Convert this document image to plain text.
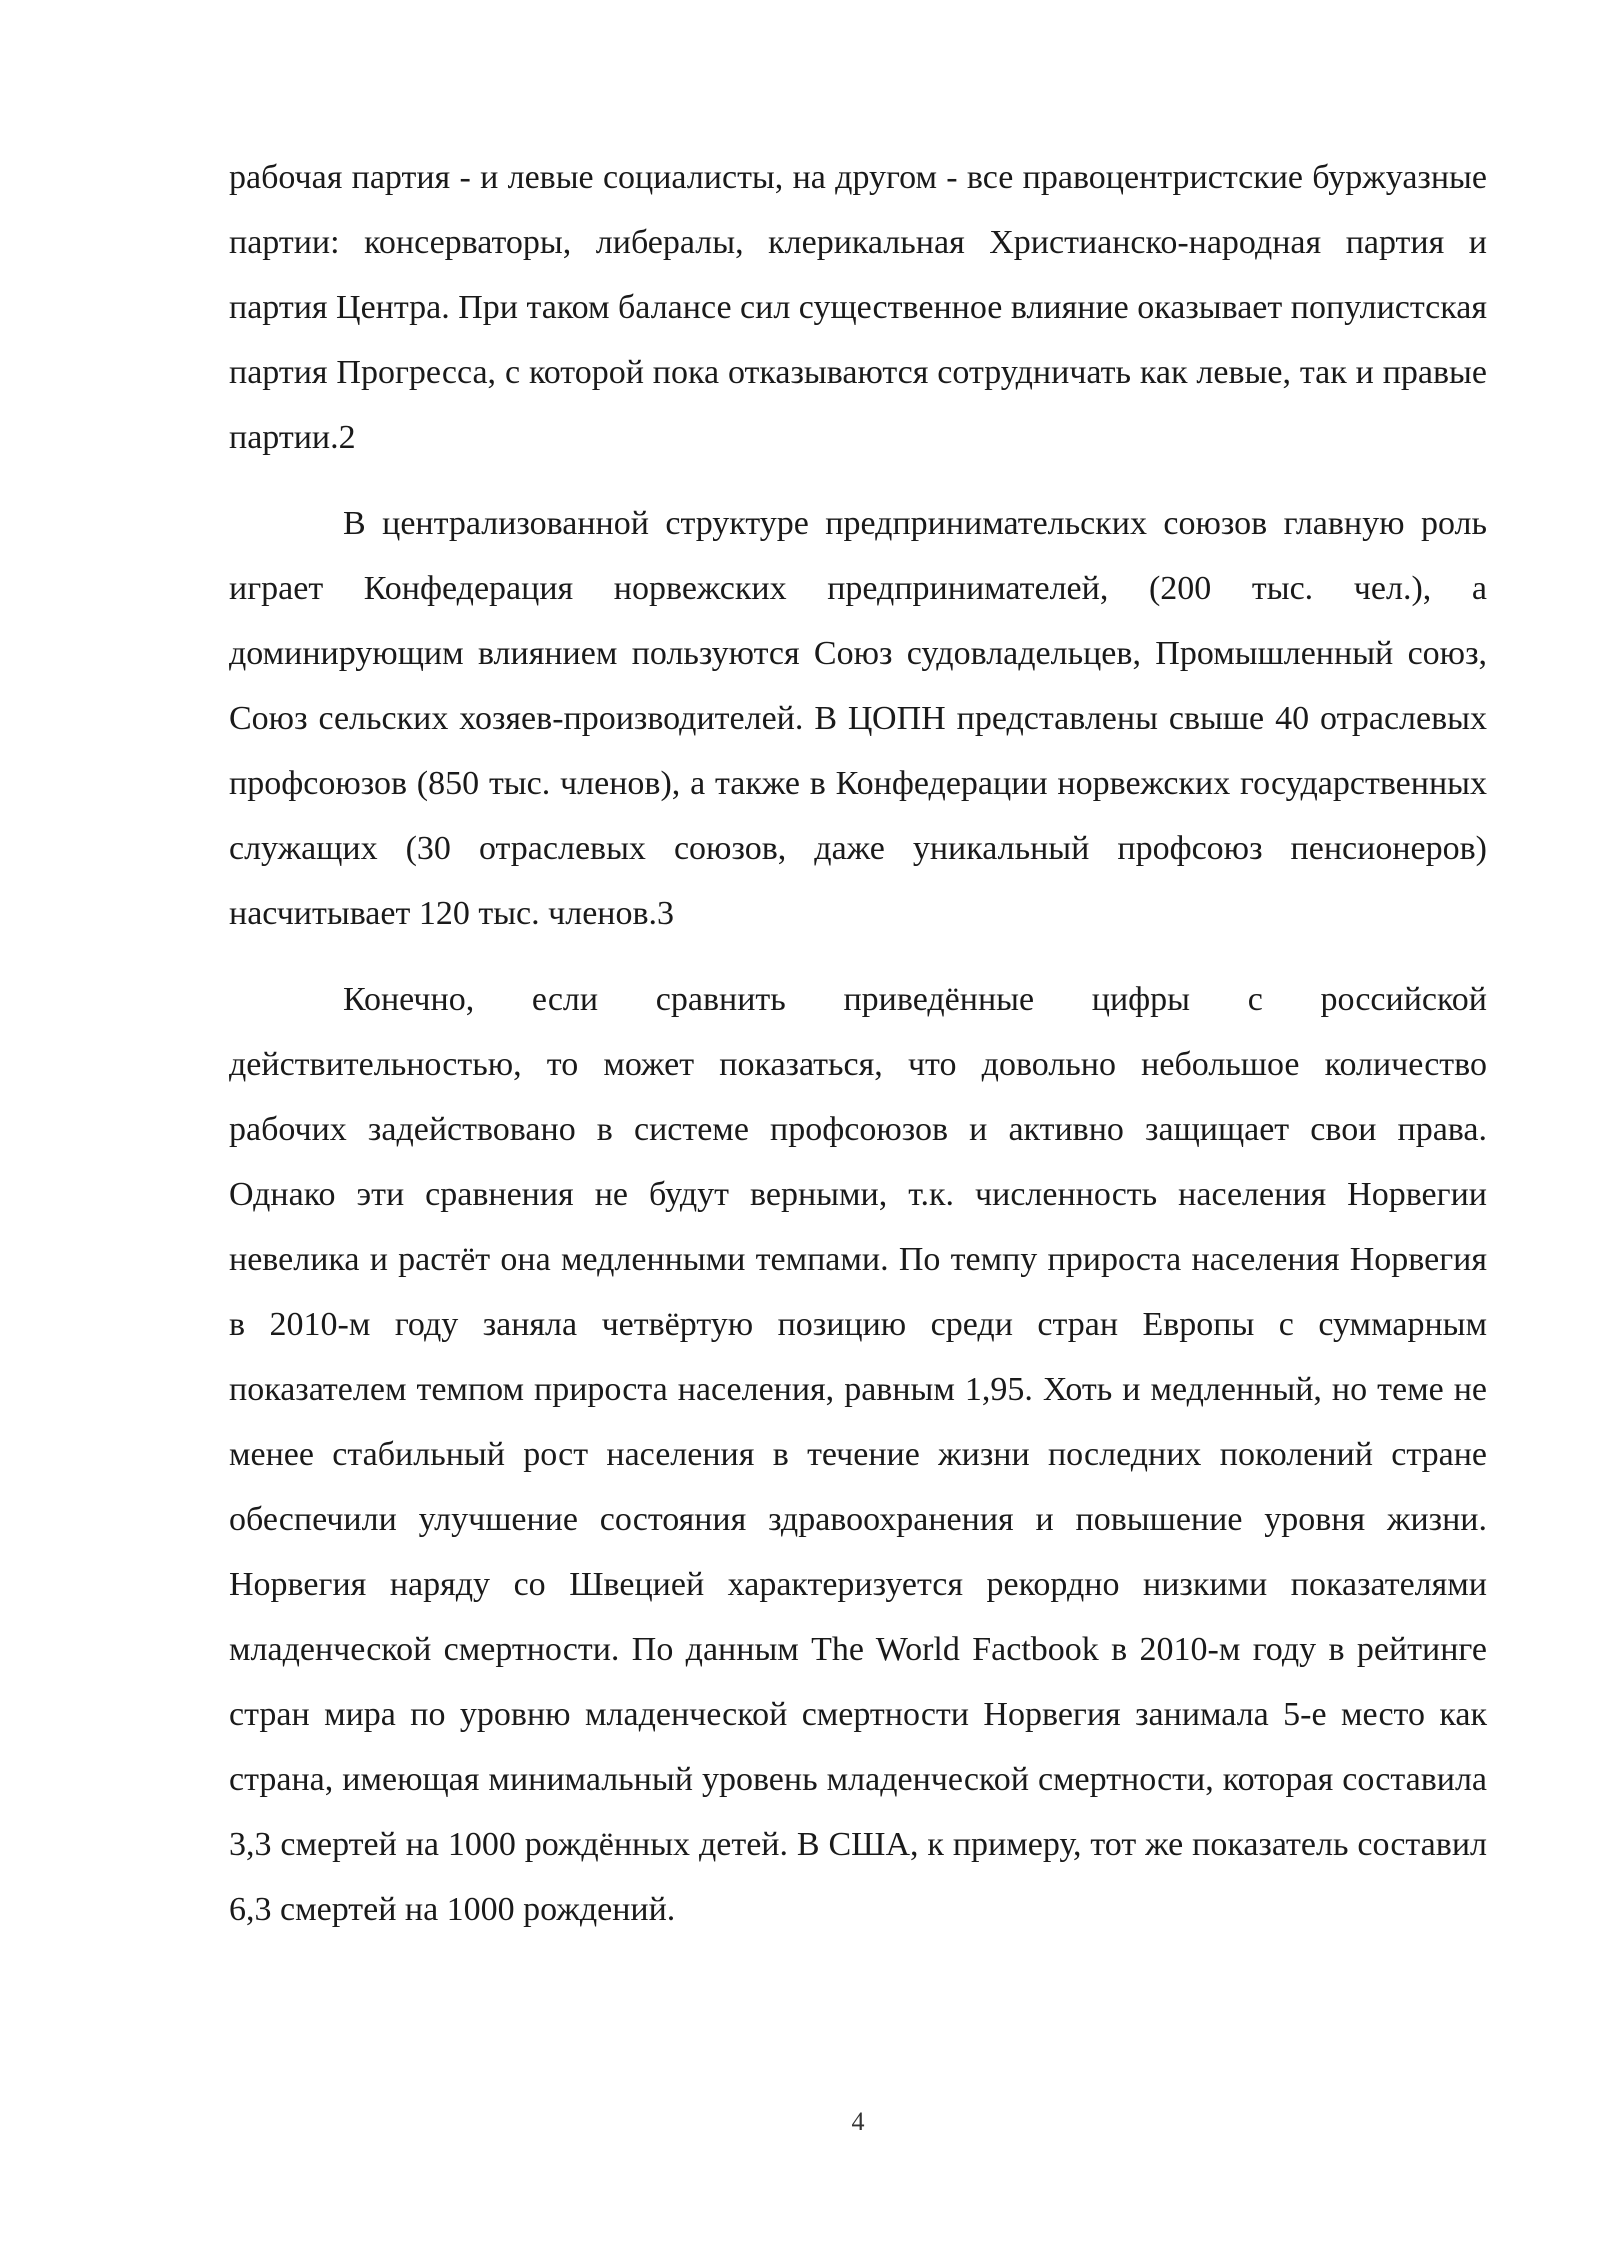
рабочая партия - и левые социалисты, на другом - все правоцентристские буржуазные партии: консерваторы, либералы, клерикальная Христианско-народная партия и партия Центра. При таком балансе сил существенное влияние оказывает популистская партия Прогресса, с которой пока отказываются сотрудничать как левые, так и правые партии.2

В централизованной структуре предпринимательских союзов главную роль играет Конфедерация норвежских предпринимателей, (200 тыс. чел.), а доминирующим влиянием пользуются Союз судовладельцев, Промышленный союз, Союз сельских хозяев-производителей. В ЦОПН представлены свыше 40 отраслевых профсоюзов (850 тыс. членов), а также в Конфедерации норвежских государственных служащих (30 отраслевых союзов, даже уникальный профсоюз пенсионеров) насчитывает 120 тыс. членов.3

Конечно, если сравнить приведённые цифры с российской действительностью, то может показаться, что довольно небольшое количество рабочих задействовано в системе профсоюзов и активно защищает свои права. Однако эти сравнения не будут верными, т.к. численность населения Норвегии невелика и растёт она медленными темпами. По темпу прироста населения Норвегия в 2010-м году заняла четвёртую позицию среди стран Европы с суммарным показателем темпом прироста населения, равным 1,95. Хоть и медленный, но теме не менее стабильный рост населения в течение жизни последних поколений стране обеспечили улучшение состояния здравоохранения и повышение уровня жизни. Норвегия наряду со Швецией характеризуется рекордно низкими показателями младенческой смертности. По данным The World Factbook в 2010-м году в рейтинге стран мира по уровню младенческой смертности Норвегия занимала 5-е место как страна, имеющая минимальный уровень младенческой смертности, которая составила 3,3 смертей на 1000 рождённых детей. В США, к примеру, тот же показатель составил 6,3 смертей на 1000 рождений.

4
